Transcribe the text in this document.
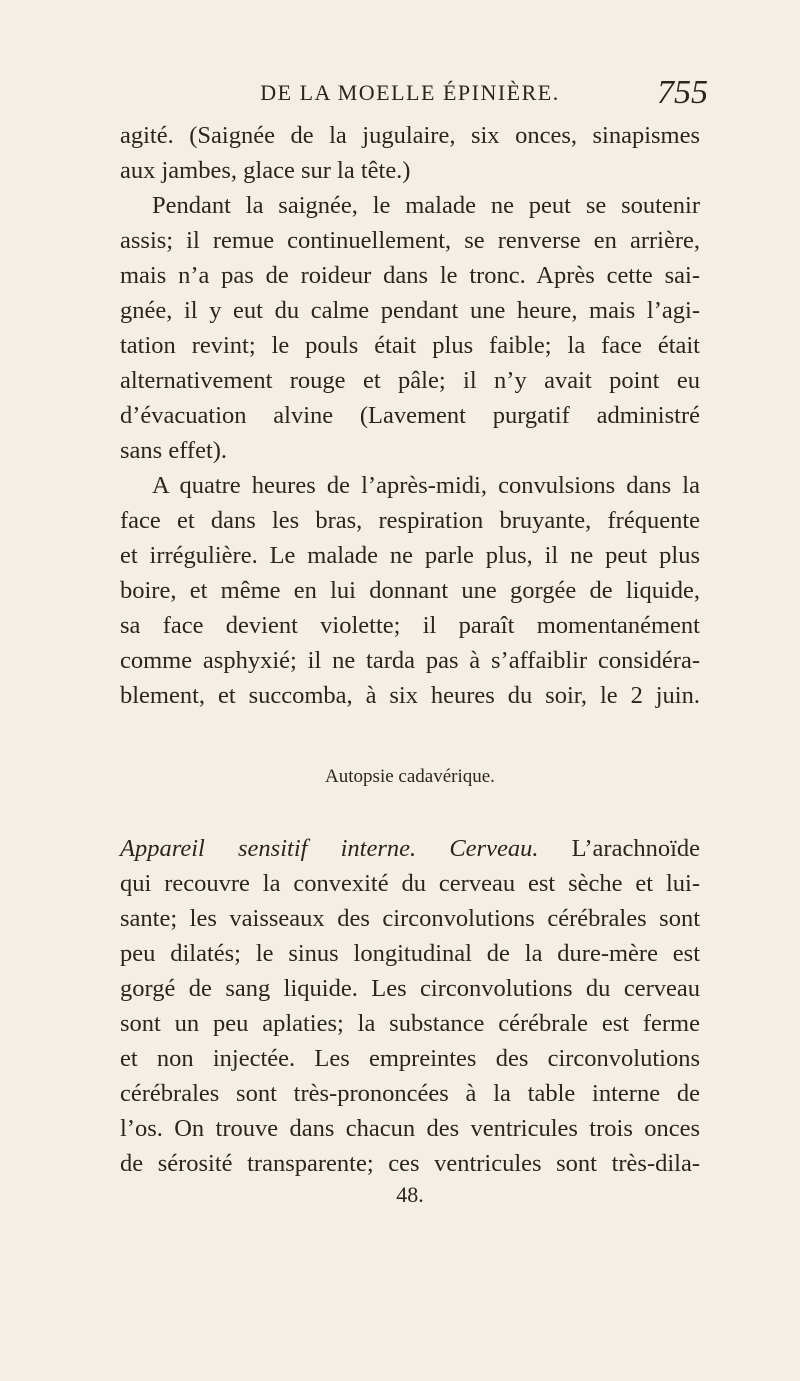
DE LA MOELLE ÉPINIÈRE.	755
agité. (Saignée de la jugulaire, six onces, sinapismes
aux jambes, glace sur la tête.)
Pendant la saignée, le malade ne peut se soutenir
assis; il remue continuellement, se renverse en arrière,
mais n’a pas de roideur dans le tronc. Après cette sai-
gnée, il y eut du calme pendant une heure, mais l’agi-
tation revint; le pouls était plus faible; la face était
alternativement rouge et pâle; il n’y avait point eu
d’évacuation alvine (Lavement purgatif administré
sans effet).
A quatre heures de l’après-midi, convulsions dans la
face et dans les bras, respiration bruyante, fréquente
et irrégulière. Le malade ne parle plus, il ne peut plus
boire, et même en lui donnant une gorgée de liquide,
sa face devient violette; il paraît momentanément
comme asphyxié; il ne tarda pas à s’affaiblir considéra-
blement, et succomba, à six heures du soir, le 2 juin.
Autopsie cadavérique.
Appareil sensitif interne. Cerveau. L’arachnoïde
qui recouvre la convexité du cerveau est sèche et lui-
sante; les vaisseaux des circonvolutions cérébrales sont
peu dilatés; le sinus longitudinal de la dure-mère est
gorgé de sang liquide. Les circonvolutions du cerveau
sont un peu aplaties; la substance cérébrale est ferme
et non injectée. Les empreintes des circonvolutions
cérébrales sont très-prononcées à la table interne de
l’os. On trouve dans chacun des ventricules trois onces
de sérosité transparente; ces ventricules sont très-dila-
48.
